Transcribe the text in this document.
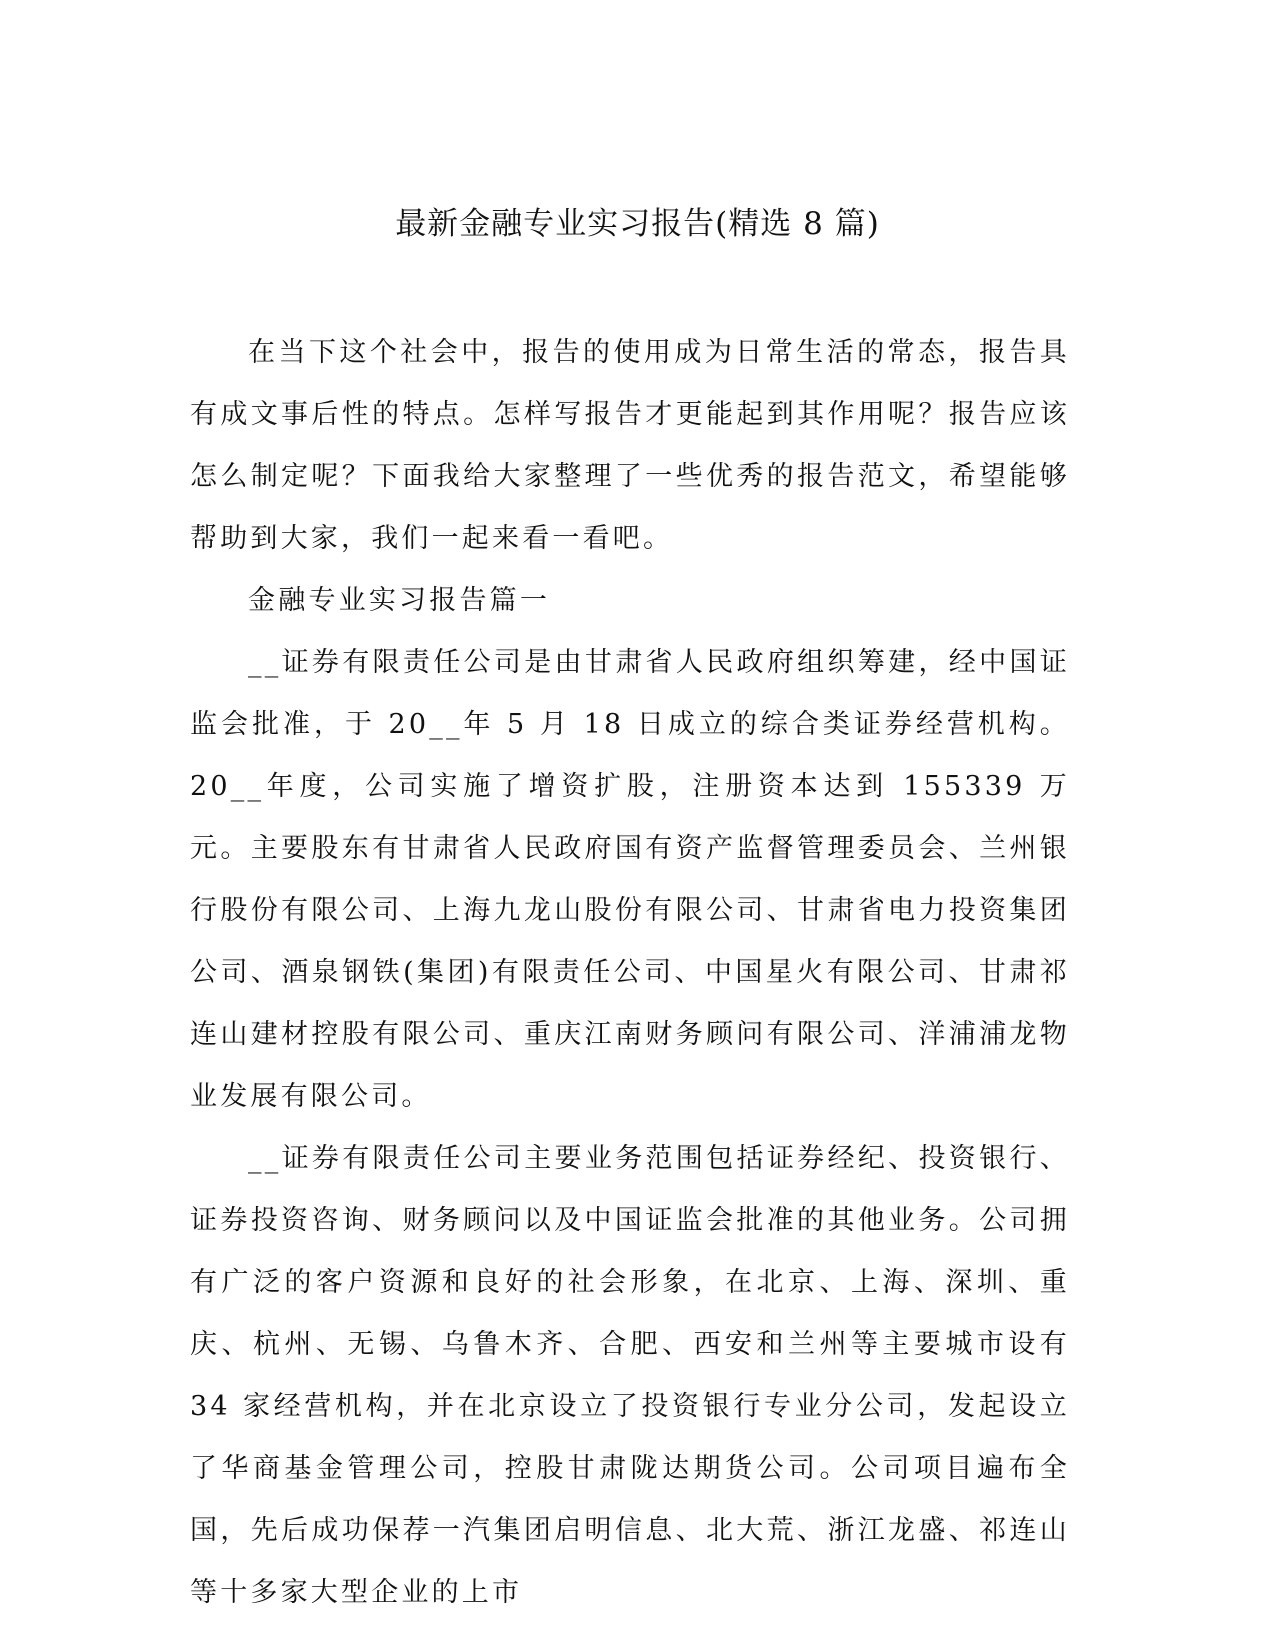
最新金融专业实习报告(精选 8 篇)

在当下这个社会中，报告的使用成为日常生活的常态，报告具有成文事后性的特点。怎样写报告才更能起到其作用呢？报告应该怎么制定呢？下面我给大家整理了一些优秀的报告范文，希望能够帮助到大家，我们一起来看一看吧。

金融专业实习报告篇一

__证券有限责任公司是由甘肃省人民政府组织筹建，经中国证监会批准，于 20__年 5 月 18 日成立的综合类证券经营机构。20__年度，公司实施了增资扩股，注册资本达到 155339 万元。主要股东有甘肃省人民政府国有资产监督管理委员会、兰州银行股份有限公司、上海九龙山股份有限公司、甘肃省电力投资集团公司、酒泉钢铁(集团)有限责任公司、中国星火有限公司、甘肃祁连山建材控股有限公司、重庆江南财务顾问有限公司、洋浦浦龙物业发展有限公司。

__证券有限责任公司主要业务范围包括证券经纪、投资银行、证券投资咨询、财务顾问以及中国证监会批准的其他业务。公司拥有广泛的客户资源和良好的社会形象，在北京、上海、深圳、重庆、杭州、无锡、乌鲁木齐、合肥、西安和兰州等主要城市设有 34 家经营机构，并在北京设立了投资银行专业分公司，发起设立了华商基金管理公司，控股甘肃陇达期货公司。公司项目遍布全国，先后成功保荐一汽集团启明信息、北大荒、浙江龙盛、祁连山等十多家大型企业的上市
